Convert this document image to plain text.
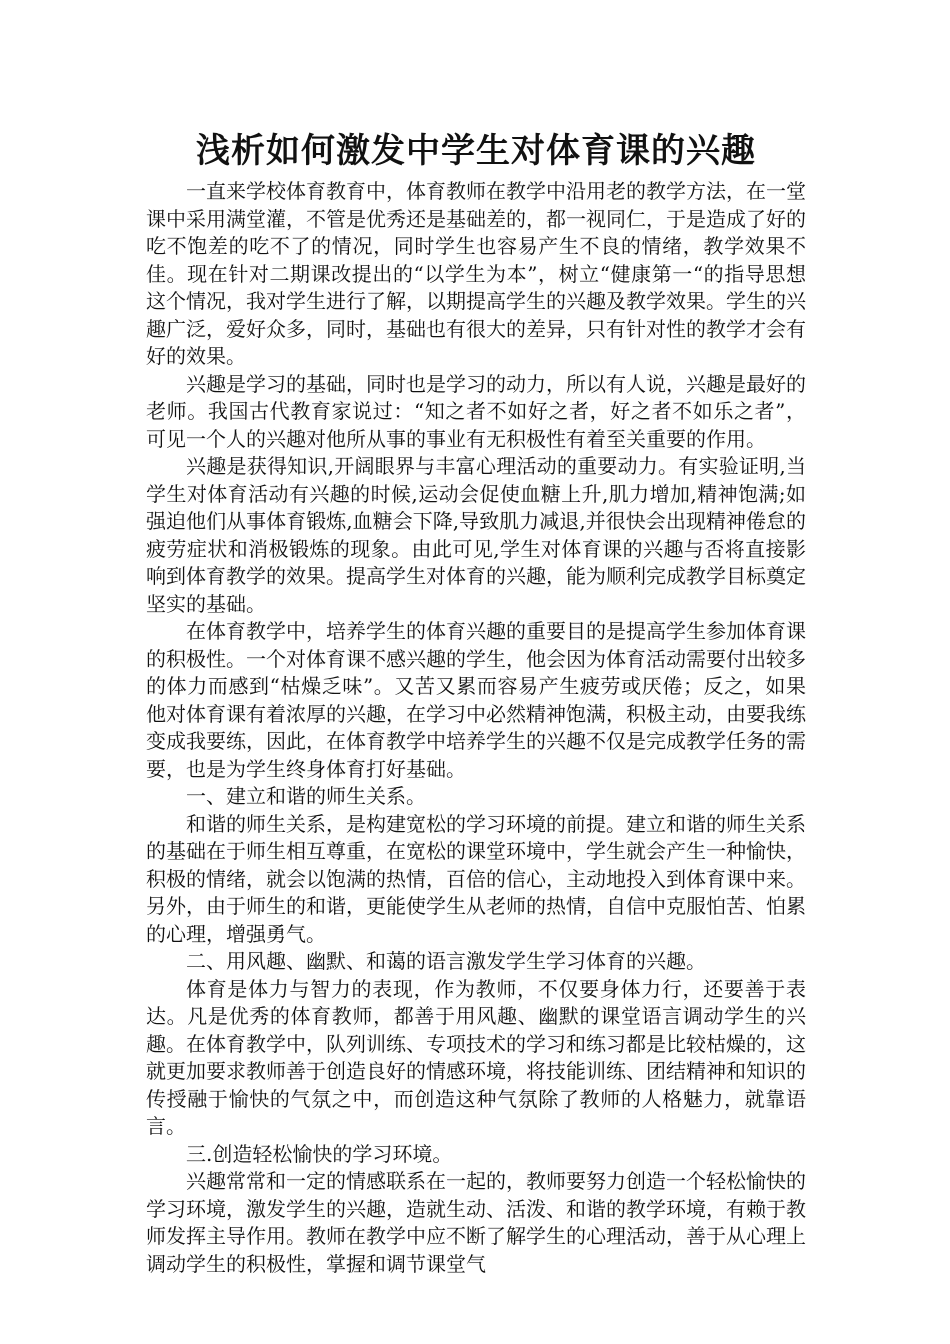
浅析如何激发中学生对体育课的兴趣

一直来学校体育教育中，体育教师在教学中沿用老的教学方法，在一堂课中采用满堂灌，不管是优秀还是基础差的，都一视同仁，于是造成了好的吃不饱差的吃不了的情况，同时学生也容易产生不良的情绪，教学效果不佳。现在针对二期课改提出的“以学生为本”，树立“健康第一“的指导思想这个情况，我对学生进行了解，以期提高学生的兴趣及教学效果。学生的兴趣广泛，爱好众多，同时，基础也有很大的差异，只有针对性的教学才会有好的效果。

兴趣是学习的基础，同时也是学习的动力，所以有人说，兴趣是最好的老师。我国古代教育家说过：“知之者不如好之者，好之者不如乐之者”，可见一个人的兴趣对他所从事的事业有无积极性有着至关重要的作用。

兴趣是获得知识,开阔眼界与丰富心理活动的重要动力。有实验证明,当学生对体育活动有兴趣的时候,运动会促使血糖上升,肌力增加,精神饱满;如强迫他们从事体育锻炼,血糖会下降,导致肌力减退,并很快会出现精神倦怠的疲劳症状和消极锻炼的现象。由此可见,学生对体育课的兴趣与否将直接影响到体育教学的效果。提高学生对体育的兴趣，能为顺利完成教学目标奠定坚实的基础。

在体育教学中，培养学生的体育兴趣的重要目的是提高学生参加体育课的积极性。一个对体育课不感兴趣的学生，他会因为体育活动需要付出较多的体力而感到“枯燥乏味”。又苦又累而容易产生疲劳或厌倦；反之，如果他对体育课有着浓厚的兴趣，在学习中必然精神饱满，积极主动，由要我练变成我要练，因此，在体育教学中培养学生的兴趣不仅是完成教学任务的需要，也是为学生终身体育打好基础。

一、建立和谐的师生关系。

和谐的师生关系，是构建宽松的学习环境的前提。建立和谐的师生关系的基础在于师生相互尊重，在宽松的课堂环境中，学生就会产生一种愉快，积极的情绪，就会以饱满的热情，百倍的信心，主动地投入到体育课中来。另外，由于师生的和谐，更能使学生从老师的热情，自信中克服怕苦、怕累的心理，增强勇气。

二、用风趣、幽默、和蔼的语言激发学生学习体育的兴趣。

体育是体力与智力的表现，作为教师，不仅要身体力行，还要善于表达。凡是优秀的体育教师，都善于用风趣、幽默的课堂语言调动学生的兴趣。在体育教学中，队列训练、专项技术的学习和练习都是比较枯燥的，这就更加要求教师善于创造良好的情感环境，将技能训练、团结精神和知识的传授融于愉快的气氛之中，而创造这种气氛除了教师的人格魅力，就靠语言。

三.创造轻松愉快的学习环境。

兴趣常常和一定的情感联系在一起的，教师要努力创造一个轻松愉快的学习环境，激发学生的兴趣，造就生动、活泼、和谐的教学环境，有赖于教师发挥主导作用。教师在教学中应不断了解学生的心理活动，善于从心理上调动学生的积极性，掌握和调节课堂气
